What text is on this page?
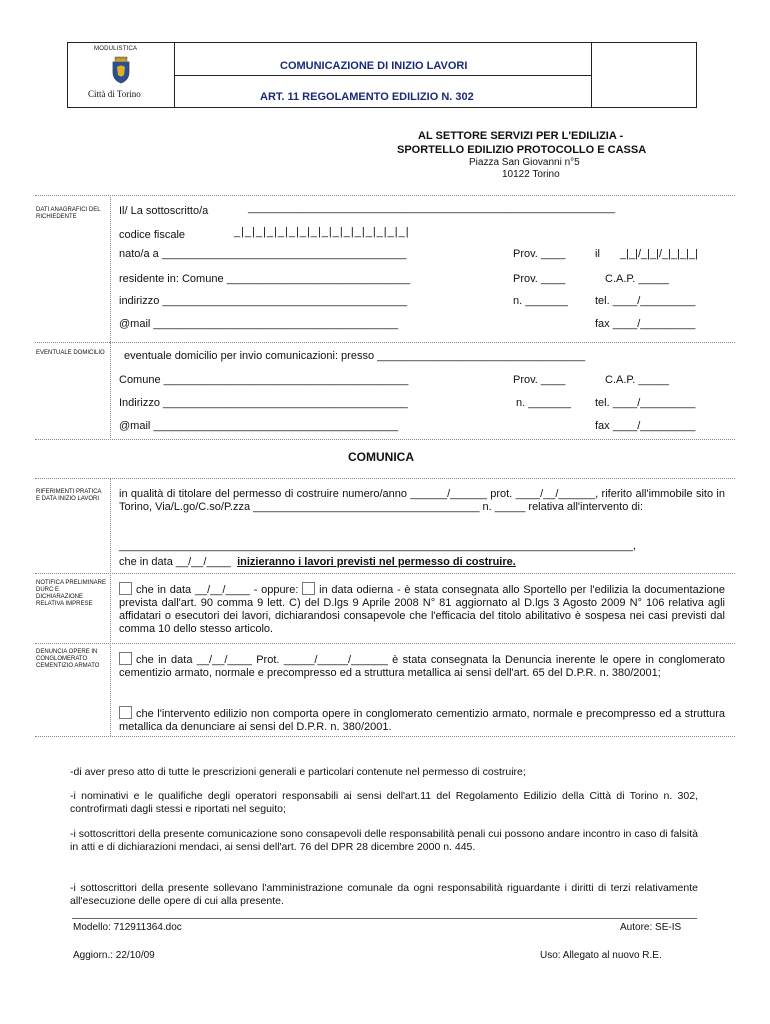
MODULISTICA
Città di Torino
COMUNICAZIONE DI INIZIO LAVORI
ART. 11 REGOLAMENTO EDILIZIO N. 302
AL SETTORE SERVIZI PER L'EDILIZIA -
SPORTELLO EDILIZIO PROTOCOLLO E CASSA
Piazza San Giovanni n°5
10122 Torino
DATI ANAGRAFICI DEL RICHIEDENTE	Il/ La sottoscritto/a	____________________________________________________________
codice fiscale	_|_|_|_|_|_|_|_|_|_|_|_|_|_|_|_|
nato/a a ________________________________________	Prov. ____	il _|_|/_|_|/_|_|_|_|
residente in: Comune ______________________________	Prov. ____	C.A.P. _____
indirizzo ________________________________________	n. _______ tel. ____/_________
@mail ________________________________________	fax ____/_________
EVENTUALE DOMICILIO eventuale domicilio per invio comunicazioni: presso __________________________________
Comune ________________________________________	Prov. ____	C.A.P. _____
Indirizzo ________________________________________	n. _______ tel. ____/_________
@mail ________________________________________	fax ____/_________
COMUNICA
RIFERIMENTI PRATICA E DATA INIZIO LAVORI	in qualità di titolare del permesso di costruire numero/anno ______/______ prot. ____/__/______, riferito all'immobile sito in Torino, Via/L.go/C.so/P.zza _____________________________________ n. _____ relativa all'intervento di:
____________________________________________________________________________________,
che in data __/__/____ inizieranno i lavori previsti nel permesso di costruire.
NOTIFICA PRELIMINARE DURC E DICHIARAZIONE RELATIVA IMPRESE
che in data __/__/____ - oppure: in data odierna - è stata consegnata allo Sportello per l'edilizia la documentazione prevista dall'art. 90 comma 9 lett. C) del D.lgs 9 Aprile 2008 N° 81 aggiornato al D.lgs 3 Agosto 2009 N° 106 relativa agli affidatari o esecutori dei lavori, dichiarandosi consapevole che l'efficacia del titolo abilitativo è sospesa nei casi previsti dal comma 10 dello stesso articolo.
DENUNCIA OPERE IN CONGLOMERATO CEMENTIZIO ARMATO	che in data __/__/____ Prot. _____/_____/______ è stata consegnata la Denuncia inerente le opere in conglomerato cementizio armato, normale e precompresso ed a struttura metallica ai sensi dell'art. 65 del D.P.R. n. 380/2001;
che l'intervento edilizio non comporta opere in conglomerato cementizio armato, normale e precompresso ed a struttura metallica da denunciare ai sensi del D.P.R. n. 380/2001.
-di aver preso atto di tutte le prescrizioni generali e particolari contenute nel permesso di costruire;
-i nominativi e le qualifiche degli operatori responsabili ai sensi dell'art.11 del Regolamento Edilizio della Città di Torino n. 302, controfirmati dagli stessi e riportati nel seguito;
-i sottoscrittori della presente comunicazione sono consapevoli delle responsabilità penali cui possono andare incontro in caso di falsità in atti e di dichiarazioni mendaci, ai sensi dell'art. 76 del DPR 28 dicembre 2000 n. 445.
-i sottoscrittori della presente sollevano l'amministrazione comunale da ogni responsabilità riguardante i diritti di terzi relativamente all'esecuzione delle opere di cui alla presente.
Modello: 712911364.doc	Autore: SE-IS
Aggiorn.: 22/10/09	Uso: Allegato al nuovo R.E.
